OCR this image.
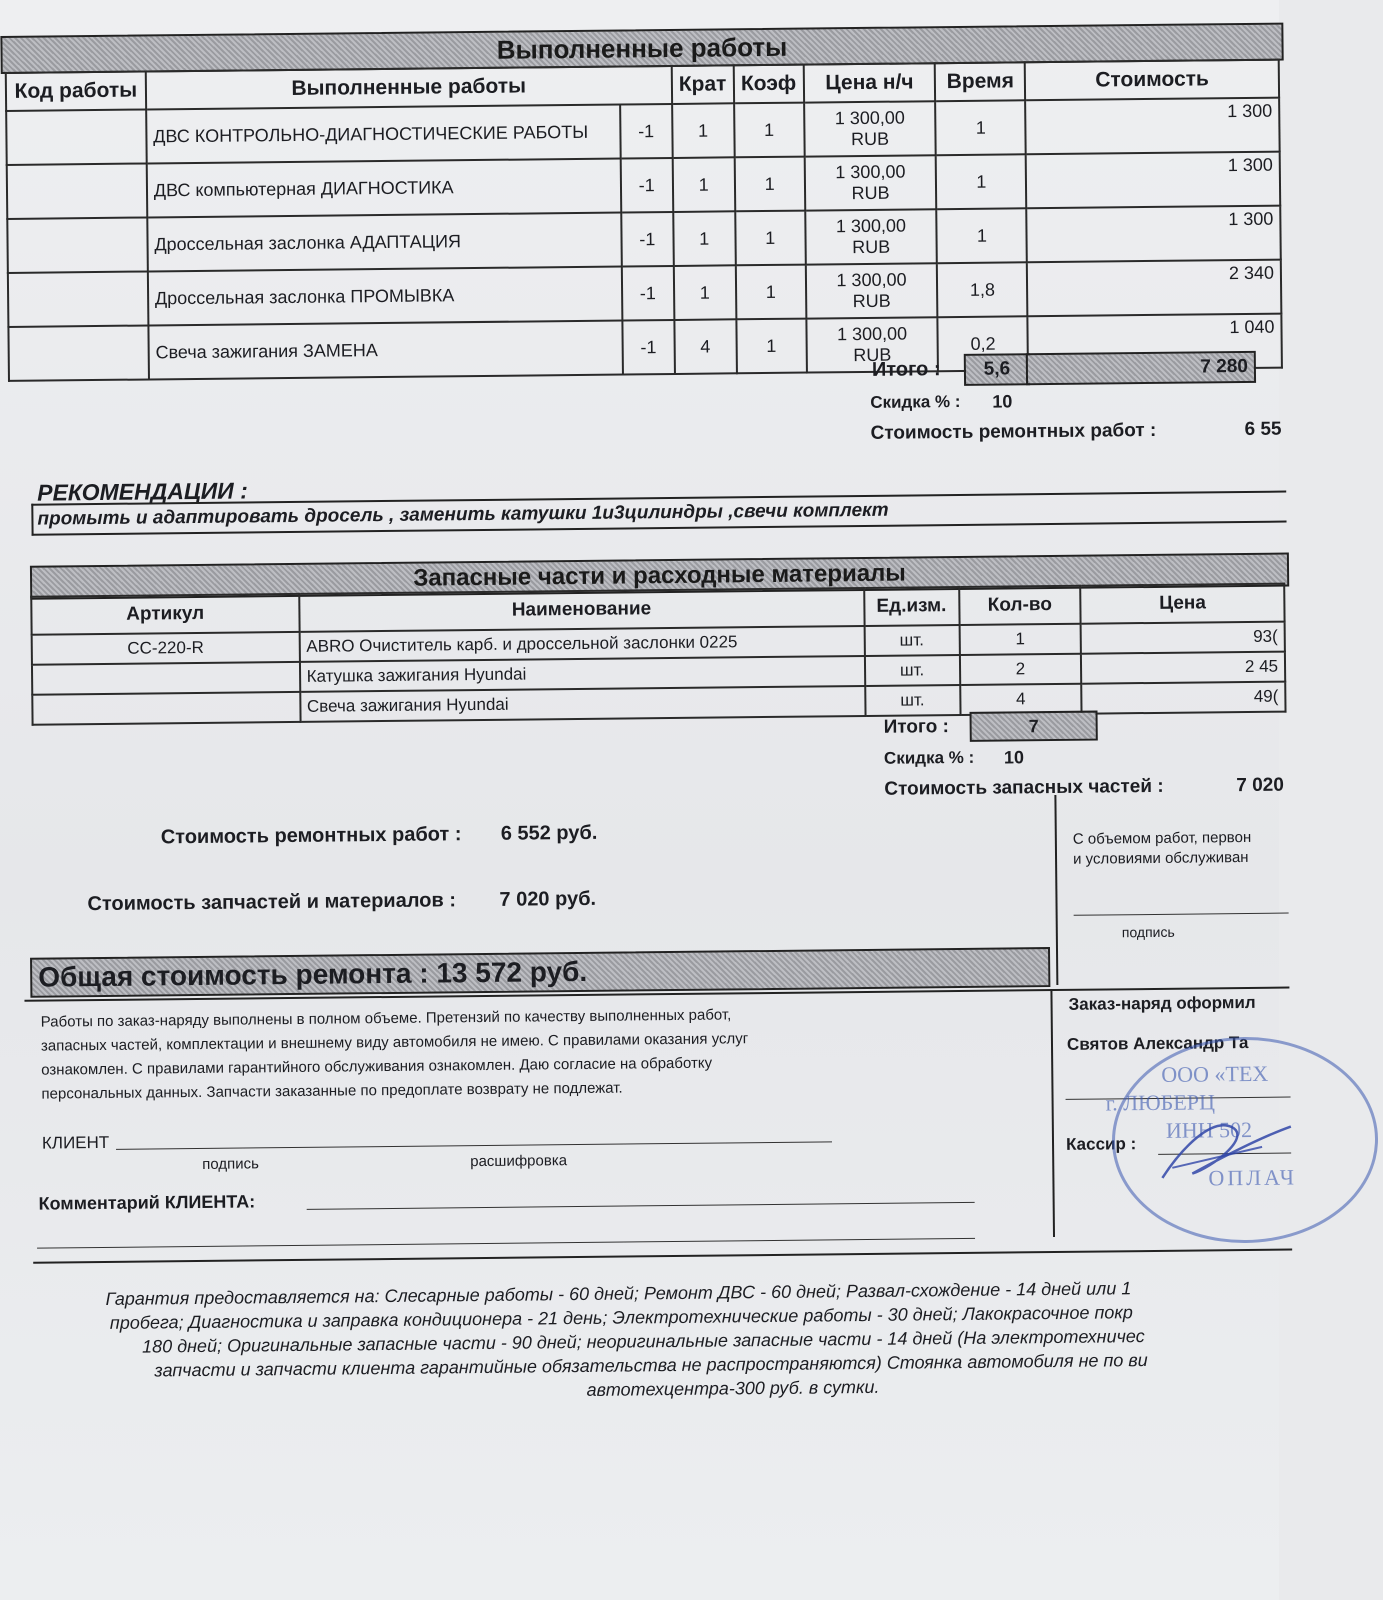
Выполненные работы
Код работы	Выполненные работы		Крат	Коэф	Цена н/ч	Время	Стоимость
	ДВС КОНТРОЛЬНО-ДИАГНОСТИЧЕСКИЕ РАБОТЫ	-1	1	1	1 300,00
RUB	1	1 300
	ДВС компьютерная ДИАГНОСТИКА	-1	1	1	1 300,00
RUB	1	1 300
	Дроссельная заслонка АДАПТАЦИЯ	-1	1	1	1 300,00
RUB	1	1 300
	Дроссельная заслонка ПРОМЫВКА	-1	1	1	1 300,00
RUB	1,8	2 340
	Свеча зажигания ЗАМЕНА	-1	4	1	1 300,00
RUB	0,2	1 040
Итого :	5,6	7 280
Скидка % : 10
Стоимость ремонтных работ :	6 55
РЕКОМЕНДАЦИИ :
промыть и адаптировать дросель , заменить катушки 1и3цилиндры ,свечи комплект
Запасные части и расходные материалы
Артикул	Наименование	Ед.изм.	Кол-во	Цена
CC-220-R	ABRO Очиститель карб. и дроссельной заслонки 0225	шт.	1	93(
	Катушка зажигания Hyundai	шт.	2	2 45
	Свеча зажигания Hyundai	шт.	4	49(
Итого :	7
Скидка % : 10
Стоимость запасных частей :	7 020
Стоимость ремонтных работ : 6 552 руб.
Стоимость запчастей и материалов : 7 020 руб.
Общая стоимость ремонта : 13 572 руб.
С объемом работ, первон
и условиями обслуживан
подпись
Работы по заказ-наряду выполнены в полном объеме. Претензий по качеству выполненных работ,
запасных частей, комплектации и внешнему виду автомобиля не имею. С правилами оказания услуг
ознакомлен. С правилами гарантийного обслуживания ознакомлен. Даю согласие на обработку
персональных данных. Запчасти заказанные по предоплате возврату не подлежат.
КЛИЕНТ
подпись	расшифровка
Комментарий КЛИЕНТА:
Заказ-наряд оформил
Святов Александр Та
Кассир :
ООО «ТЕХ
г. ЛЮБЕРЦ
ИНН 502
ОПЛАЧ
Гарантия предоставляется на: Слесарные работы - 60 дней; Ремонт ДВС - 60 дней; Развал-схождение - 14 дней или 1
пробега; Диагностика и заправка кондиционера - 21 день; Электротехнические работы - 30 дней; Лакокрасочное покр
180 дней; Оригинальные запасные части - 90 дней; неоригинальные запасные части - 14 дней (На электротехничес
запчасти и запчасти клиента гарантийные обязательства не распространяются) Стоянка автомобиля не по ви
автотехцентра-300 руб. в сутки.
